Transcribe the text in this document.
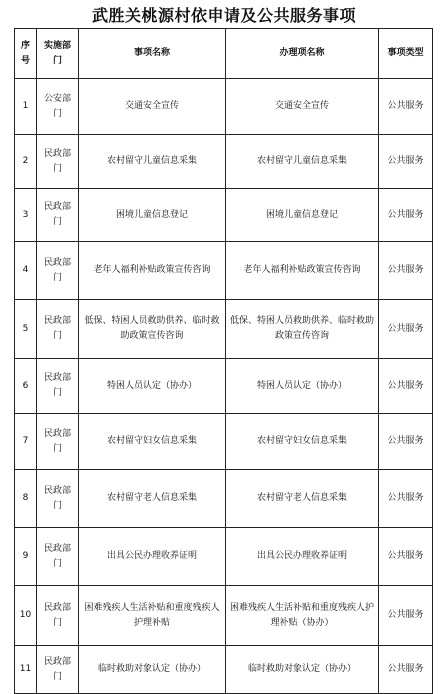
武胜关桃源村依申请及公共服务事项
序号	实施部门	事项名称	办理项名称	事项类型
1	公安部门	交通安全宣传	交通安全宣传	公共服务
2	民政部门	农村留守儿童信息采集	农村留守儿童信息采集	公共服务
3	民政部门	困境儿童信息登记	困境儿童信息登记	公共服务
4	民政部门	老年人福利补贴政策宣传咨询	老年人福利补贴政策宣传咨询	公共服务
5	民政部门	低保、特困人员救助供养、临时救助政策宣传咨询	低保、特困人员救助供养、临时救助政策宣传咨询	公共服务
6	民政部门	特困人员认定（协办）	特困人员认定（协办）	公共服务
7	民政部门	农村留守妇女信息采集	农村留守妇女信息采集	公共服务
8	民政部门	农村留守老人信息采集	农村留守老人信息采集	公共服务
9	民政部门	出具公民办理收养证明	出具公民办理收养证明	公共服务
10	民政部门	困难残疾人生活补贴和重度残疾人护理补贴	困难残疾人生活补贴和重度残疾人护理补贴（协办）	公共服务
11	民政部门	临时救助对象认定（协办）	临时救助对象认定（协办）	公共服务
